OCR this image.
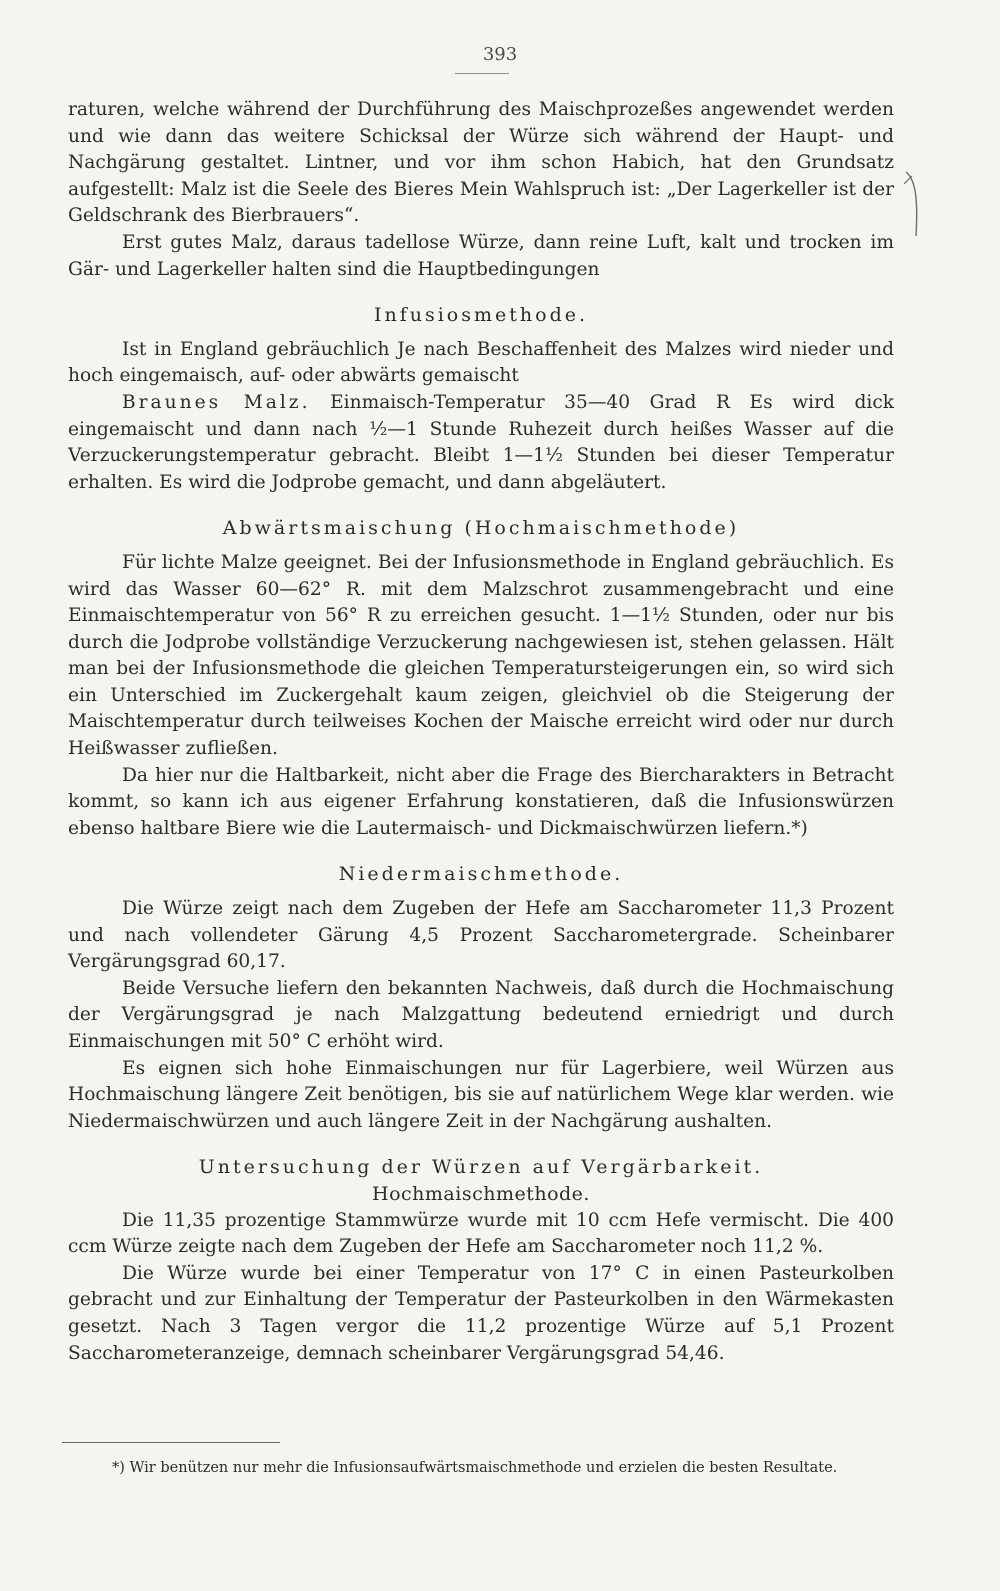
393

raturen, welche während der Durchführung des Maischprozeßes angewendet werden und wie dann das weitere Schicksal der Würze sich während der Haupt- und Nachgärung gestaltet. Lintner, und vor ihm schon Habich, hat den Grundsatz aufgestellt: Malz ist die Seele des Bieres Mein Wahlspruch ist: „Der Lagerkeller ist der Geldschrank des Bierbrauers“.

Erst gutes Malz, daraus tadellose Würze, dann reine Luft, kalt und trocken im Gär- und Lagerkeller halten sind die Hauptbedingungen

Infusiosmethode.

Ist in England gebräuchlich Je nach Beschaffenheit des Malzes wird nieder und hoch eingemaisch, auf- oder abwärts gemaischt

Braunes Malz. Einmaisch-Temperatur 35—40 Grad R Es wird dick eingemaischt und dann nach ½—1 Stunde Ruhezeit durch heißes Wasser auf die Verzuckerungstemperatur gebracht. Bleibt 1—1½ Stunden bei dieser Temperatur erhalten. Es wird die Jodprobe gemacht, und dann abgeläutert.

Abwärtsmaischung (Hochmaischmethode)

Für lichte Malze geeignet. Bei der Infusionsmethode in England gebräuchlich. Es wird das Wasser 60—62° R. mit dem Malzschrot zusammengebracht und eine Einmaischtemperatur von 56° R zu erreichen gesucht. 1—1½ Stunden, oder nur bis durch die Jodprobe vollständige Verzuckerung nachgewiesen ist, stehen gelassen. Hält man bei der Infusionsmethode die gleichen Temperatursteigerungen ein, so wird sich ein Unterschied im Zuckergehalt kaum zeigen, gleichviel ob die Steigerung der Maischtemperatur durch teilweises Kochen der Maische erreicht wird oder nur durch Heißwasser zufließen.

Da hier nur die Haltbarkeit, nicht aber die Frage des Biercharakters in Betracht kommt, so kann ich aus eigener Erfahrung konstatieren, daß die Infusionswürzen ebenso haltbare Biere wie die Lautermaisch- und Dickmaischwürzen liefern.*)

Niedermaischmethode.

Die Würze zeigt nach dem Zugeben der Hefe am Saccharometer 11,3 Prozent und nach vollendeter Gärung 4,5 Prozent Saccharometergrade. Scheinbarer Vergärungsgrad 60,17.

Beide Versuche liefern den bekannten Nachweis, daß durch die Hochmaischung der Vergärungsgrad je nach Malzgattung bedeutend erniedrigt und durch Einmaischungen mit 50° C erhöht wird.

Es eignen sich hohe Einmaischungen nur für Lagerbiere, weil Würzen aus Hochmaischung längere Zeit benötigen, bis sie auf natürlichem Wege klar werden. wie Niedermaischwürzen und auch längere Zeit in der Nachgärung aushalten.

Untersuchung der Würzen auf Vergärbarkeit.
Hochmaischmethode.

Die 11,35 prozentige Stammwürze wurde mit 10 ccm Hefe vermischt. Die 400 ccm Würze zeigte nach dem Zugeben der Hefe am Saccharometer noch 11,2 %.

Die Würze wurde bei einer Temperatur von 17° C in einen Pasteurkolben gebracht und zur Einhaltung der Temperatur der Pasteurkolben in den Wärmekasten gesetzt. Nach 3 Tagen vergor die 11,2 prozentige Würze auf 5,1 Prozent Saccharometeranzeige, demnach scheinbarer Vergärungsgrad 54,46.

*) Wir benützen nur mehr die Infusionsaufwärtsmaischmethode und erzielen die besten Resultate.
